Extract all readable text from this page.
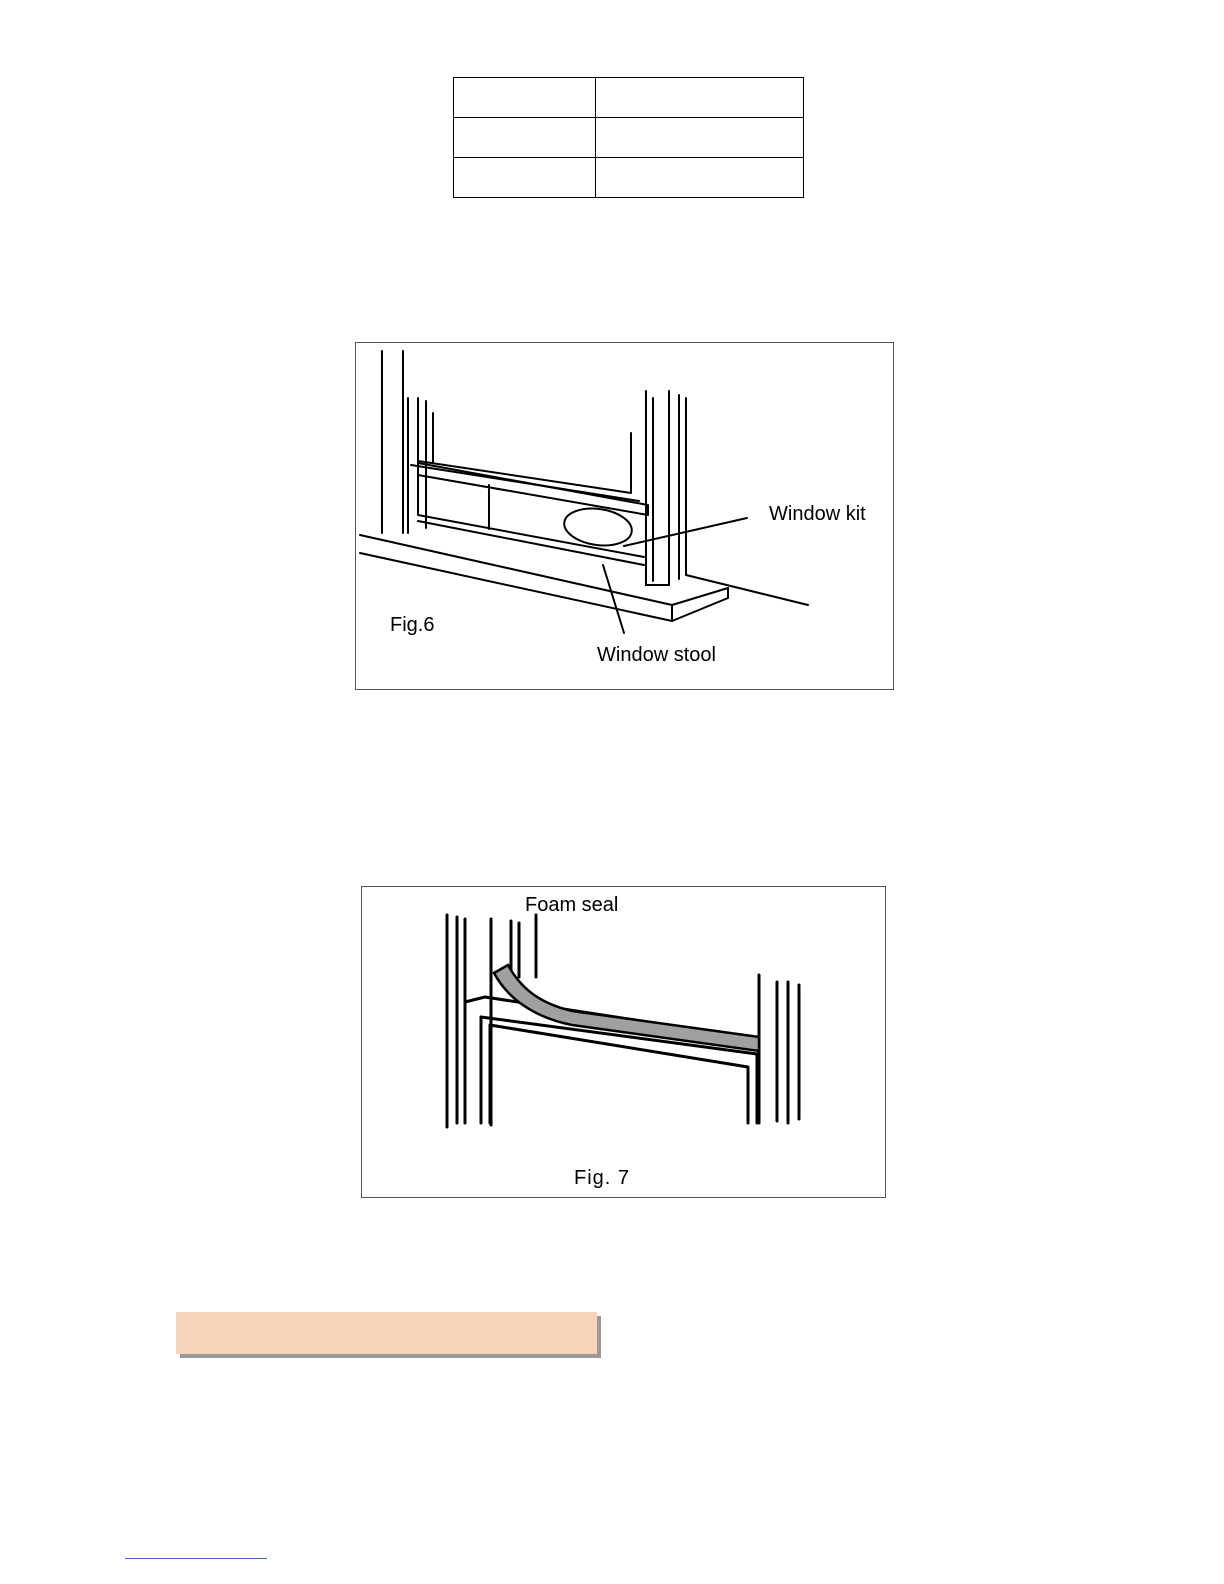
Window kit
Window stool
Fig.6
Foam seal
Fig. 7
